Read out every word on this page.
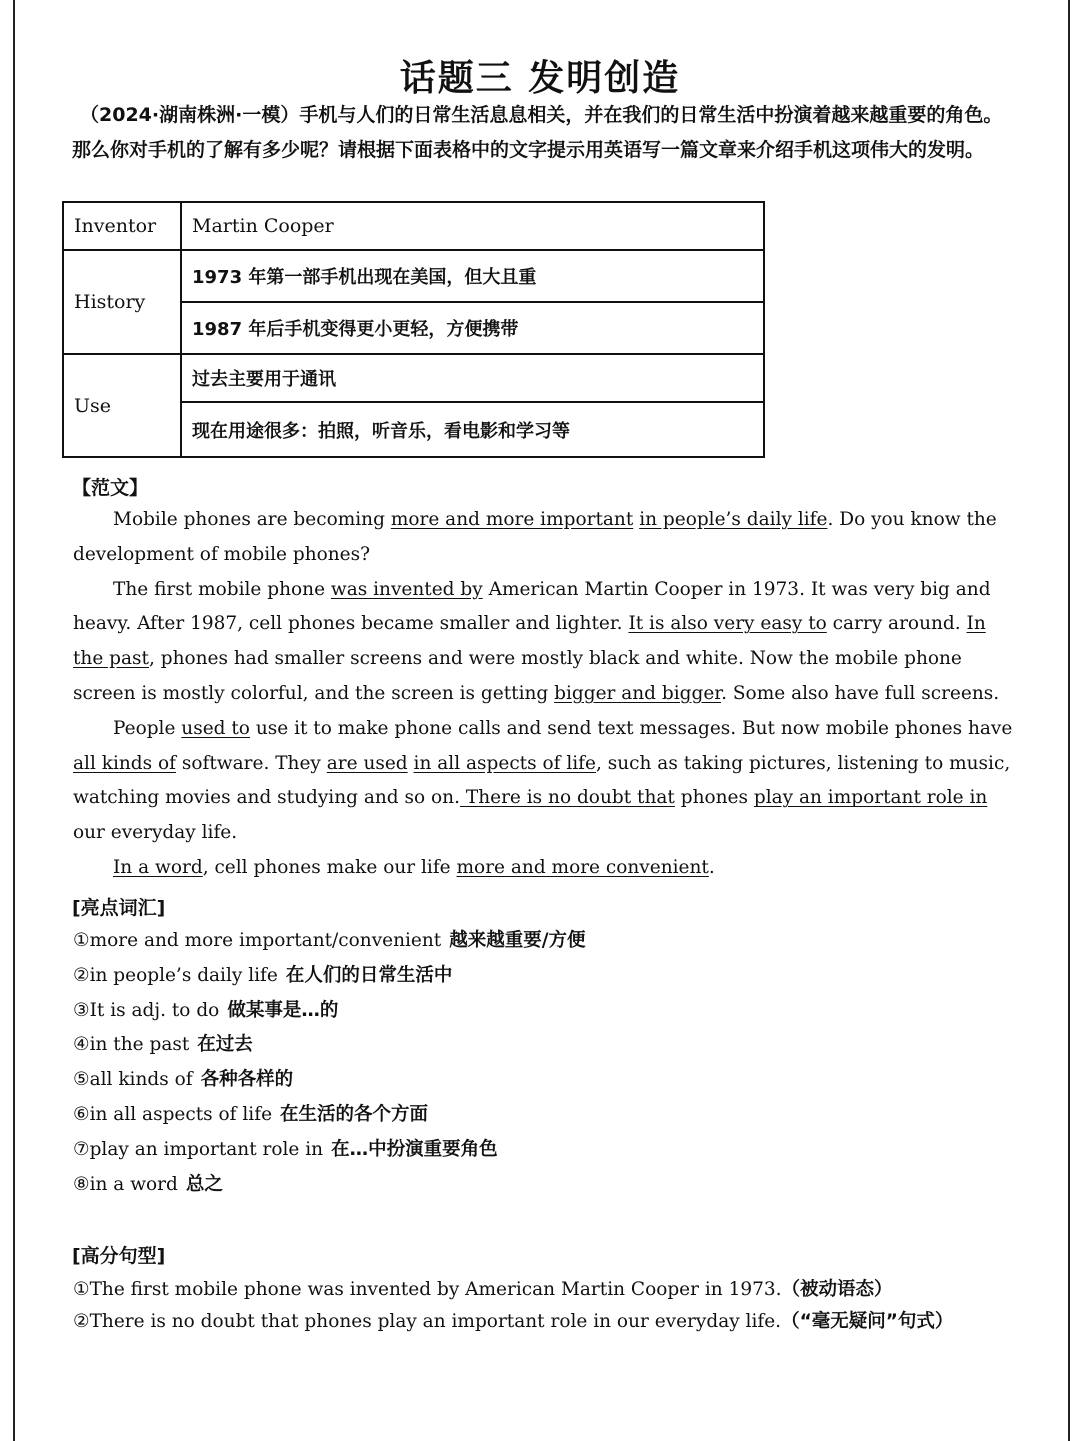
话题三 发明创造
（2024·湖南株洲·一模）手机与人们的日常生活息息相关，并在我们的日常生活中扮演着越来越重要的角色。那么你对手机的了解有多少呢？请根据下面表格中的文字提示用英语写一篇文章来介绍手机这项伟大的发明。
Inventor	Martin Cooper
History	1973 年第一部手机出现在美国，但大且重
	1987 年后手机变得更小更轻，方便携带
Use	过去主要用于通讯
	现在用途很多：拍照，听音乐，看电影和学习等
【范文】

Mobile phones are becoming more and more important in people’s daily life. Do you know the development of mobile phones?

The first mobile phone was invented by American Martin Cooper in 1973. It was very big and heavy. After 1987, cell phones became smaller and lighter. It is also very easy to carry around. In the past, phones had smaller screens and were mostly black and white. Now the mobile phone screen is mostly colorful, and the screen is getting bigger and bigger. Some also have full screens.

People used to use it to make phone calls and send text messages. But now mobile phones have all kinds of software. They are used in all aspects of life, such as taking pictures, listening to music, watching movies and studying and so on. There is no doubt that phones play an important role in our everyday life.

In a word, cell phones make our life more and more convenient.

[亮点词汇]
①more and more important/convenient 越来越重要/方便
②in people’s daily life 在人们的日常生活中
③It is adj. to do 做某事是…的
④in the past 在过去
⑤all kinds of 各种各样的
⑥in all aspects of life 在生活的各个方面
⑦play an important role in 在…中扮演重要角色
⑧in a word 总之
[高分句型]
①The first mobile phone was invented by American Martin Cooper in 1973.（被动语态）
②There is no doubt that phones play an important role in our everyday life.（“毫无疑问”句式）
